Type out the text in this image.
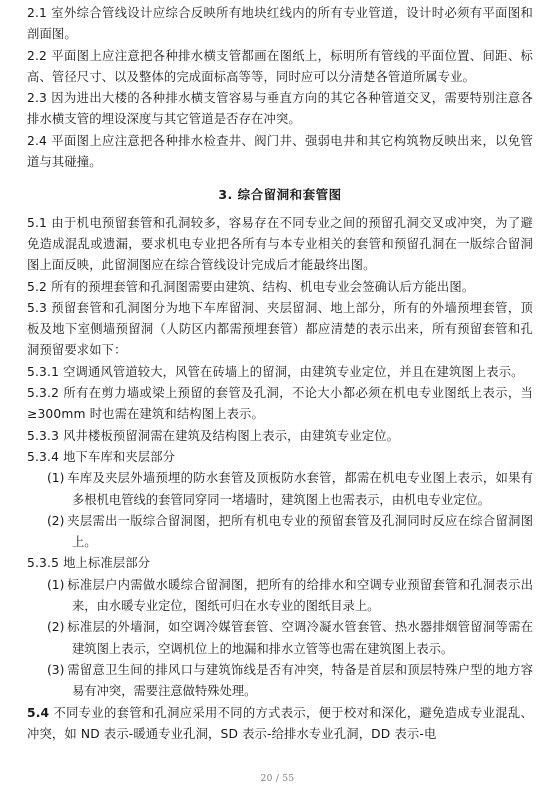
2.1 室外综合管线设计应综合反映所有地块红线内的所有专业管道，设计时必须有平面图和剖面图。

2.2 平面图上应注意把各种排水横支管都画在图纸上，标明所有管线的平面位置、间距、标高、管径尺寸、以及整体的完成面标高等等，同时应可以分清楚各管道所属专业。

2.3 因为进出大楼的各种排水横支管容易与垂直方向的其它各种管道交叉，需要特别注意各排水横支管的埋设深度与其它管道是否存在冲突。

2.4 平面图上应注意把各种排水检查井、阀门井、强弱电井和其它构筑物反映出来，以免管道与其碰撞。

3. 综合留洞和套管图

5.1 由于机电预留套管和孔洞较多，容易存在不同专业之间的预留孔洞交叉或冲突，为了避免造成混乱或遗漏，要求机电专业把各所有与本专业相关的套管和预留孔洞在一版综合留洞图上面反映，此留洞图应在综合管线设计完成后才能最终出图。

5.2 所有的预埋套管和孔洞图需要由建筑、结构、机电专业会签确认后方能出图。

5.3 预留套管和孔洞图分为地下车库留洞、夹层留洞、地上部分，所有的外墙预埋套管，顶板及地下室侧墙预留洞（人防区内都需预埋套管）都应清楚的表示出来，所有预留套管和孔洞预留要求如下：

5.3.1 空调通风管道较大，风管在砖墙上的留洞，由建筑专业定位，并且在建筑图上表示。

5.3.2 所有在剪力墙或梁上预留的套管及孔洞，不论大小都必须在机电专业图纸上表示，当≥300mm 时也需在建筑和结构图上表示。

5.3.3 风井楼板预留洞需在建筑及结构图上表示，由建筑专业定位。

5.3.4 地下车库和夹层部分

(1) 车库及夹层外墙预埋的防水套管及顶板防水套管，都需在机电专业图上表示，如果有多根机电管线的套管同穿同一堵墙时，建筑图上也需表示，由机电专业定位。

(2) 夹层需出一版综合留洞图，把所有机电专业的预留套管及孔洞同时反应在综合留洞图上。

5.3.5 地上标准层部分

(1) 标准层户内需做水暖综合留洞图，把所有的给排水和空调专业预留套管和孔洞表示出来，由水暖专业定位，图纸可归在水专业的图纸目录上。

(2) 标准层的外墙洞，如空调冷媒管套管、空调冷凝水管套管、热水器排烟管留洞等需在建筑图上表示，空调机位上的地漏和排水立管等也需在建筑图上表示。

(3) 需留意卫生间的排风口与建筑饰线是否有冲突，特备是首层和顶层特殊户型的地方容易有冲突，需要注意做特殊处理。

5.4 不同专业的套管和孔洞应采用不同的方式表示，便于校对和深化，避免造成专业混乱、冲突，如 ND 表示-暖通专业孔洞，SD 表示-给排水专业孔洞，DD 表示-电

20 / 55
